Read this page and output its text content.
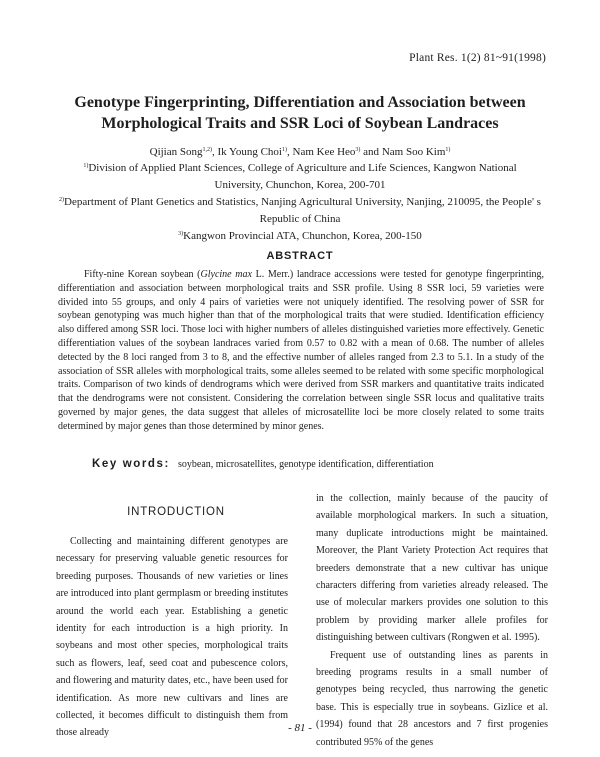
Plant Res. 1(2) 81~91(1998)
Genotype Fingerprinting, Differentiation and Association between
Morphological Traits and SSR Loci of Soybean Landraces
Qijian Song$^{1,2)}$, Ik Young Choi$^{1)}$, Nam Kee Heo$^{3)}$ and Nam Soo Kim$^{1)}$
$^{1)}$Division of Applied Plant Sciences, College of Agriculture and Life Sciences, Kangwon National
University, Chunchon, Korea, 200-701
$^{2)}$Department of Plant Genetics and Statistics, Nanjing Agricultural University, Nanjing, 210095, the People' s
Republic of China
$^{3)}$Kangwon Provincial ATA, Chunchon, Korea, 200-150
ABSTRACT

Fifty-nine Korean soybean (Glycine max L. Merr.) landrace accessions were tested for genotype fingerprinting, differentiation and association between morphological traits and SSR profile. Using 8 SSR loci, 59 varieties were divided into 55 groups, and only 4 pairs of varieties were not uniquely identified. The resolving power of SSR for soybean genotyping was much higher than that of the morphological traits that were studied. Identification efficiency also differed among SSR loci. Those loci with higher numbers of alleles distinguished varieties more effectively. Genetic differentiation values of the soybean landraces varied from 0.57 to 0.82 with a mean of 0.68. The number of alleles detected by the 8 loci ranged from 3 to 8, and the effective number of alleles ranged from 2.3 to 5.1. In a study of the association of SSR alleles with morphological traits, some alleles seemed to be related with some specific morphological traits. Comparison of two kinds of dendrograms which were derived from SSR markers and quantitative traits indicated that the dendrograms were not consistent. Considering the correlation between single SSR locus and qualitative traits governed by major genes, the data suggest that alleles of microsatellite loci be more closely related to some traits determined by major genes than those determined by minor genes.

Key words: soybean, microsatellites, genotype identification, differentiation
INTRODUCTION

Collecting and maintaining different genotypes are necessary for preserving valuable genetic resources for breeding purposes. Thousands of new varieties or lines are introduced into plant germplasm or breeding institutes around the world each year. Establishing a genetic identity for each introduction is a high priority. In soybeans and most other species, morphological traits such as flowers, leaf, seed coat and pubescence colors, and flowering and maturity dates, etc., have been used for identification. As more new cultivars and lines are collected, it becomes difficult to distinguish them from those already

in the collection, mainly because of the paucity of available morphological markers. In such a situation, many duplicate introductions might be maintained. Moreover, the Plant Variety Protection Act requires that breeders demonstrate that a new cultivar has unique characters differing from varieties already released. The use of molecular markers provides one solution to this problem by providing marker allele profiles for distinguishing between cultivars (Rongwen et al. 1995).

Frequent use of outstanding lines as parents in breeding programs results in a small number of genotypes being recycled, thus narrowing the genetic base. This is especially true in soybeans. Gizlice et al. (1994) found that 28 ancestors and 7 first progenies contributed 95% of the genes

- 81 -
